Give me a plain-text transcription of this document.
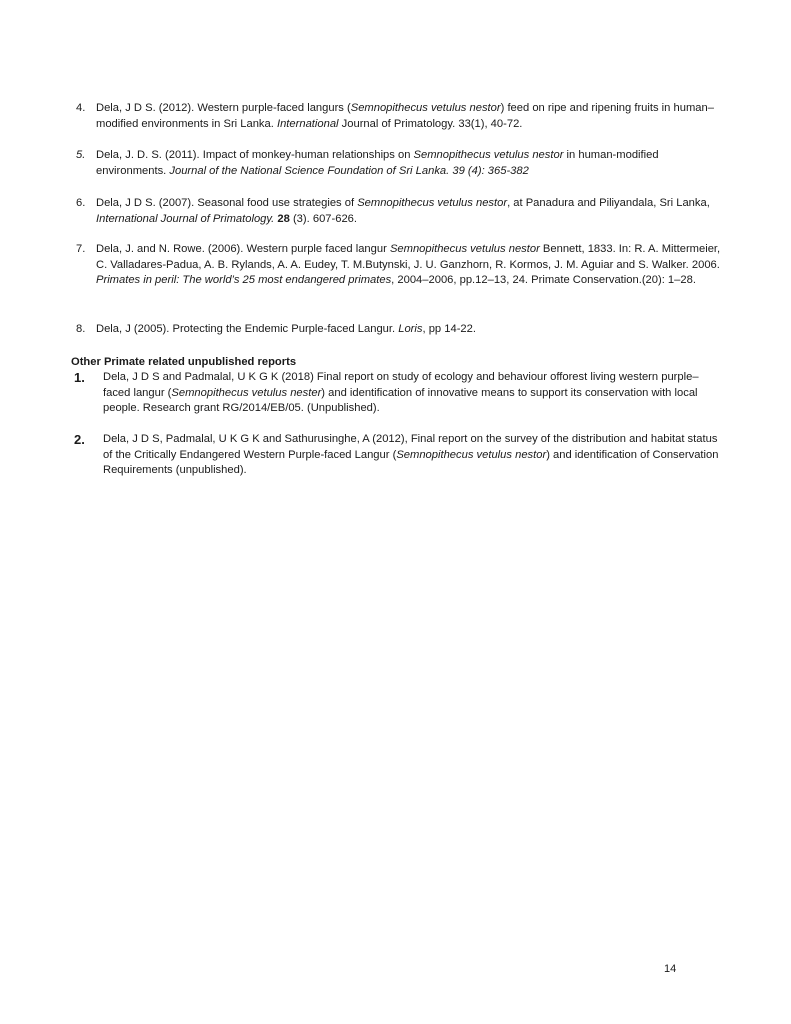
4. Dela, J D S. (2012). Western purple-faced langurs (Semnopithecus vetulus nestor) feed on ripe and ripening fruits in human–modified environments in Sri Lanka. International Journal of Primatology. 33(1), 40-72.
5. Dela, J. D. S. (2011). Impact of monkey-human relationships on Semnopithecus vetulus nestor in human-modified environments. Journal of the National Science Foundation of Sri Lanka. 39 (4): 365-382
6. Dela, J D S. (2007). Seasonal food use strategies of Semnopithecus vetulus nestor, at Panadura and Piliyandala, Sri Lanka, International Journal of Primatology. 28 (3). 607-626.
7. Dela, J. and N. Rowe. (2006). Western purple faced langur Semnopithecus vetulus nestor Bennett, 1833. In: R. A. Mittermeier, C. Valladares-Padua, A. B. Rylands, A. A. Eudey, T. M.Butynski, J. U. Ganzhorn, R. Kormos, J. M. Aguiar and S. Walker. 2006. Primates in peril: The world’s 25 most endangered primates, 2004–2006, pp.12–13, 24. Primate Conservation.(20): 1–28.
8. Dela, J (2005). Protecting the Endemic Purple-faced Langur. Loris, pp 14-22.
Other Primate related unpublished reports
1.	Dela, J D S and Padmalal, U K G K (2018) Final report on study of ecology and behaviour offorest living western purple–faced langur (Semnopithecus vetulus nester) and identification of innovative means to support its conservation with local people. Research grant RG/2014/EB/05. (Unpublished).
2.	Dela, J D S, Padmalal, U K G K and Sathurusinghe, A (2012), Final report on the survey of the distribution and habitat status of the Critically Endangered Western Purple-faced Langur (Semnopithecus vetulus nestor) and identification of Conservation Requirements (unpublished).
14
